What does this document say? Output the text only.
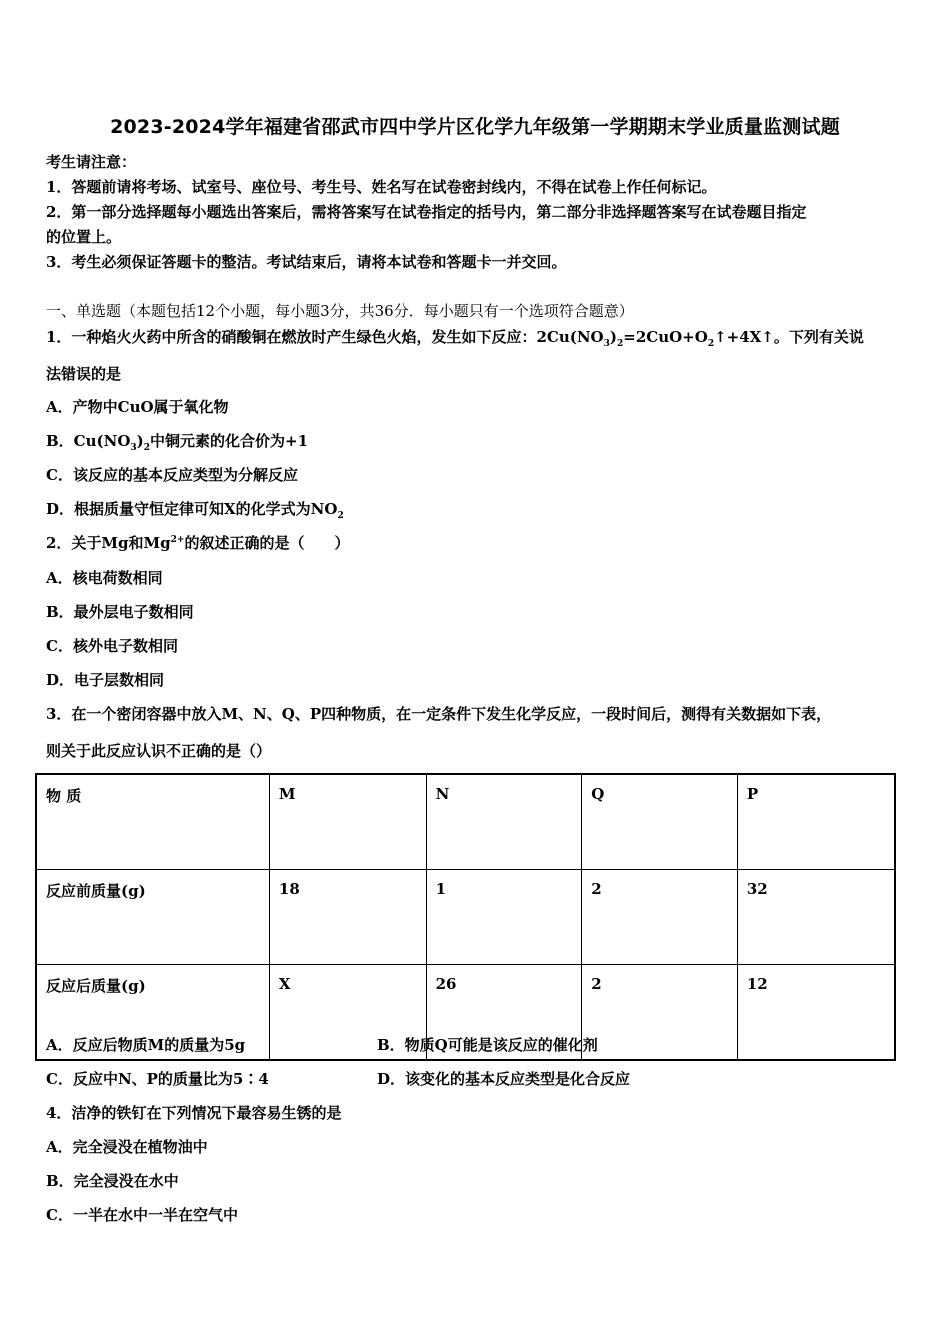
2023-2024学年福建省邵武市四中学片区化学九年级第一学期期末学业质量监测试题
考生请注意：
1．答题前请将考场、试室号、座位号、考生号、姓名写在试卷密封线内，不得在试卷上作任何标记。
2．第一部分选择题每小题选出答案后，需将答案写在试卷指定的括号内，第二部分非选择题答案写在试卷题目指定
的位置上。
3．考生必须保证答题卡的整洁。考试结束后，请将本试卷和答题卡一并交回。
一、单选题（本题包括12个小题，每小题3分，共36分．每小题只有一个选项符合题意）
1．一种焰火火药中所含的硝酸铜在燃放时产生绿色火焰，发生如下反应：$2Cu(NO_3)_2=2CuO+O_2↑+4X↑$。下列有关说
法错误的是
A．产物中CuO属于氧化物
B．$Cu(NO_3)_2$中铜元素的化合价为+1
C．该反应的基本反应类型为分解反应
D．根据质量守恒定律可知X的化学式为$NO_2$
2．关于Mg和$Mg^{2+}$的叙述正确的是（　　）
A．核电荷数相同
B．最外层电子数相同
C．核外电子数相同
D．电子层数相同
3．在一个密闭容器中放入M、N、Q、P四种物质，在一定条件下发生化学反应，一段时间后，测得有关数据如下表，
则关于此反应认识不正确的是（）
物 质	M	N	Q	P
反应前质量(g)	18	1	2	32
反应后质量(g)	X	26	2	12
A．反应后物质M的质量为5g	B．物质Q可能是该反应的催化剂
C．反应中N、P的质量比为5∶4	D．该变化的基本反应类型是化合反应
4．洁净的铁钉在下列情况下最容易生锈的是
A．完全浸没在植物油中
B．完全浸没在水中
C．一半在水中一半在空气中
